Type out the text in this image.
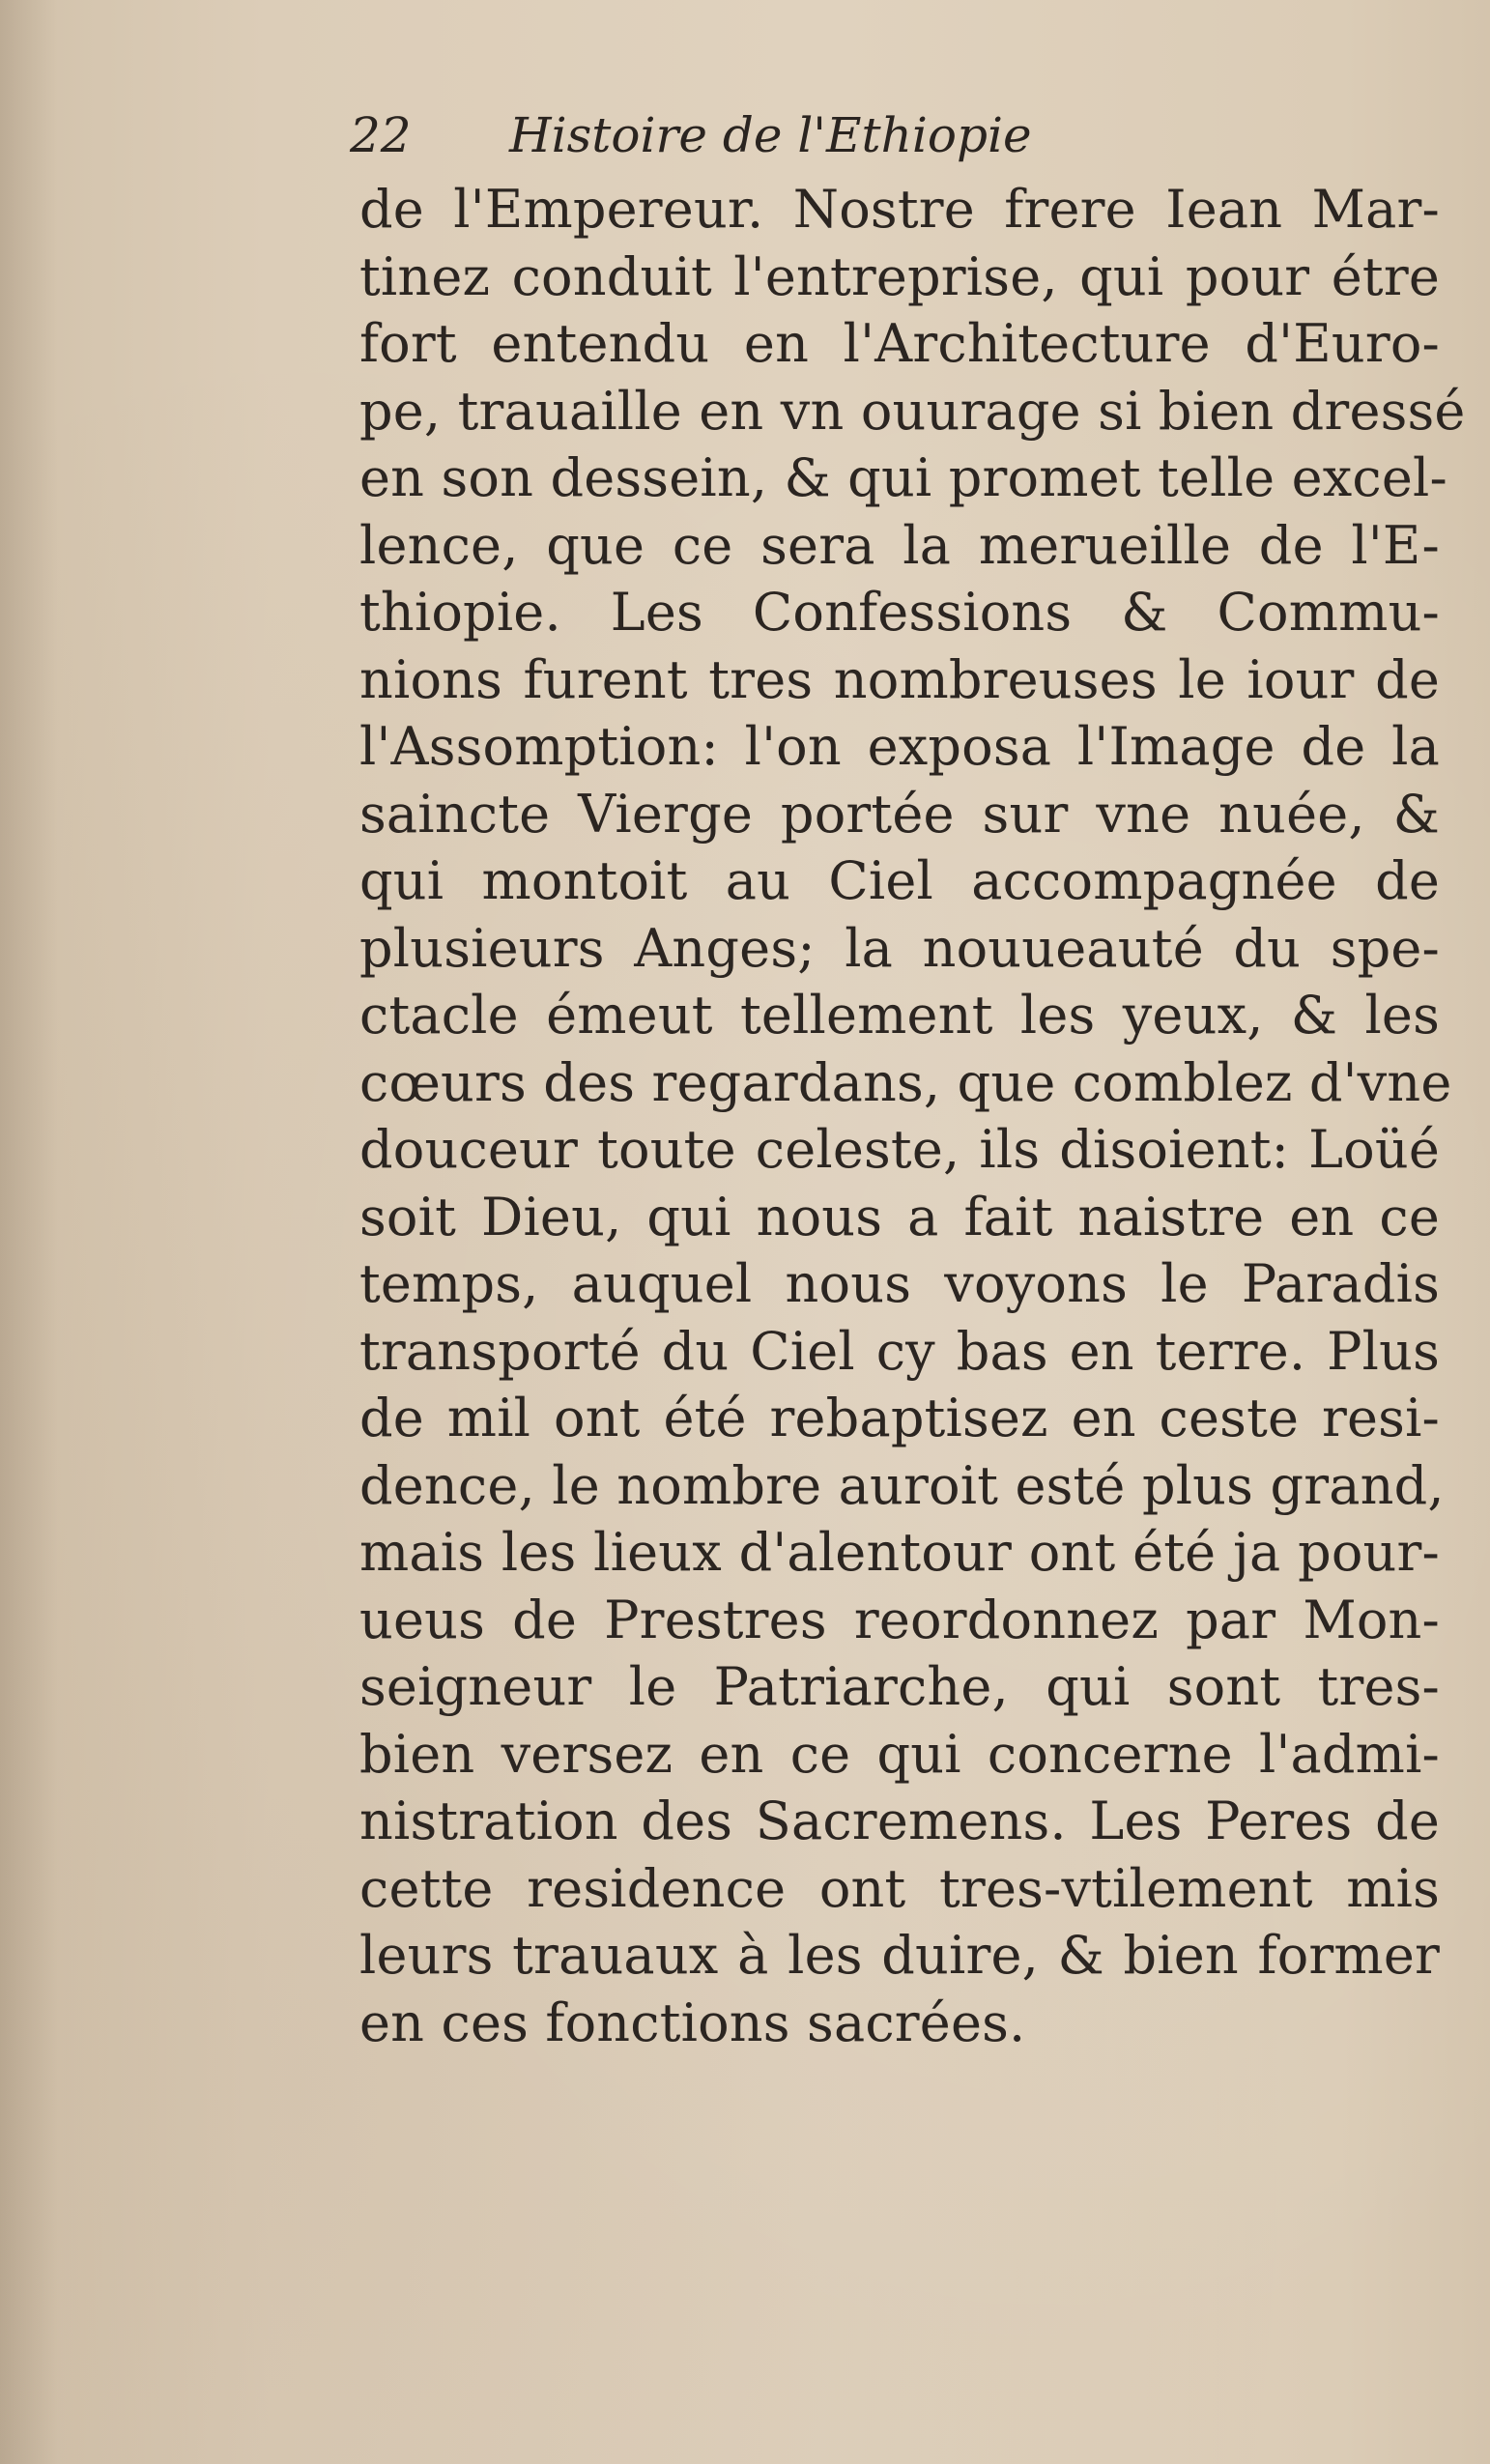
22 Histoire de l'Ethiopie
de l'Empereur. Nostre frere Iean Mar-
tinez conduit l'entreprise, qui pour étre
fort entendu en l'Architecture d'Euro-
pe, trauaille en vn ouurage si bien dressé
en son dessein, & qui promet telle excel-
lence, que ce sera la merueille de l'E-
thiopie. Les Confessions & Commu-
nions furent tres nombreuses le iour de
l'Assomption: l'on exposa l'Image de la
saincte Vierge portée sur vne nuée, &
qui montoit au Ciel accompagnée de
plusieurs Anges; la nouueauté du spe-
ctacle émeut tellement les yeux, & les
cœurs des regardans, que comblez d'vne
douceur toute celeste, ils disoient: Loüé
soit Dieu, qui nous a fait naistre en ce
temps, auquel nous voyons le Paradis
transporté du Ciel cy bas en terre. Plus
de mil ont été rebaptisez en ceste resi-
dence, le nombre auroit esté plus grand,
mais les lieux d'alentour ont été ja pour-
ueus de Prestres reordonnez par Mon-
seigneur le Patriarche, qui sont tres-
bien versez en ce qui concerne l'admi-
nistration des Sacremens. Les Peres de
cette residence ont tres-vtilement mis
leurs trauaux à les duire, & bien former
en ces fonctions sacrées.
